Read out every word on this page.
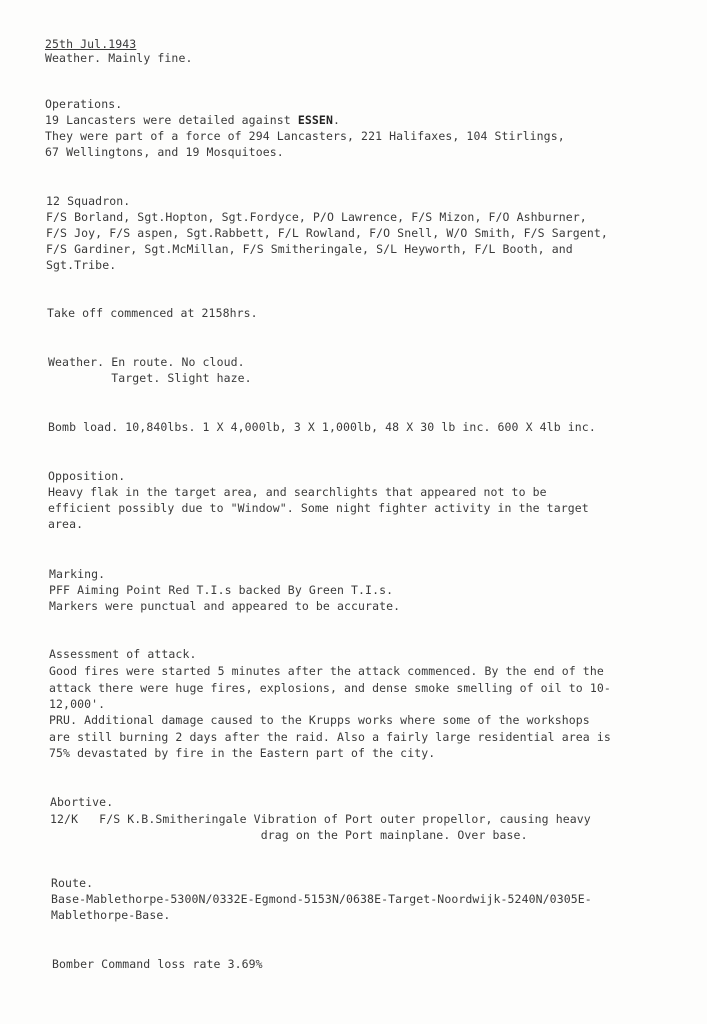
25th Jul.1943
Weather. Mainly fine.
Operations.
19 Lancasters were detailed against ESSEN.
They were part of a force of 294 Lancasters, 221 Halifaxes, 104 Stirlings,
67 Wellingtons, and 19 Mosquitoes.
12 Squadron.
F/S Borland, Sgt.Hopton, Sgt.Fordyce, P/O Lawrence, F/S Mizon, F/O Ashburner,
F/S Joy, F/S aspen, Sgt.Rabbett, F/L Rowland, F/O Snell, W/O Smith, F/S Sargent,
F/S Gardiner, Sgt.McMillan, F/S Smitheringale, S/L Heyworth, F/L Booth, and
Sgt.Tribe.
Take off commenced at 2158hrs.
Weather. En route. No cloud.
Target. Slight haze.
Bomb load. 10,840lbs. 1 X 4,000lb, 3 X 1,000lb, 48 X 30 lb inc. 600 X 4lb inc.
Opposition.
Heavy flak in the target area, and searchlights that appeared not to be
efficient possibly due to "Window". Some night fighter activity in the target
area.
Marking.
PFF Aiming Point Red T.I.s backed By Green T.I.s.
Markers were punctual and appeared to be accurate.
Assessment of attack.
Good fires were started 5 minutes after the attack commenced. By the end of the
attack there were huge fires, explosions, and dense smoke smelling of oil to 10-
12,000'.
PRU. Additional damage caused to the Krupps works where some of the workshops
are still burning 2 days after the raid. Also a fairly large residential area is
75% devastated by fire in the Eastern part of the city.
Abortive.
12/K   F/S K.B.Smitheringale Vibration of Port outer propellor, causing heavy
drag on the Port mainplane. Over base.
Route.
Base-Mablethorpe-5300N/0332E-Egmond-5153N/0638E-Target-Noordwijk-5240N/0305E-
Mablethorpe-Base.
Bomber Command loss rate 3.69%
